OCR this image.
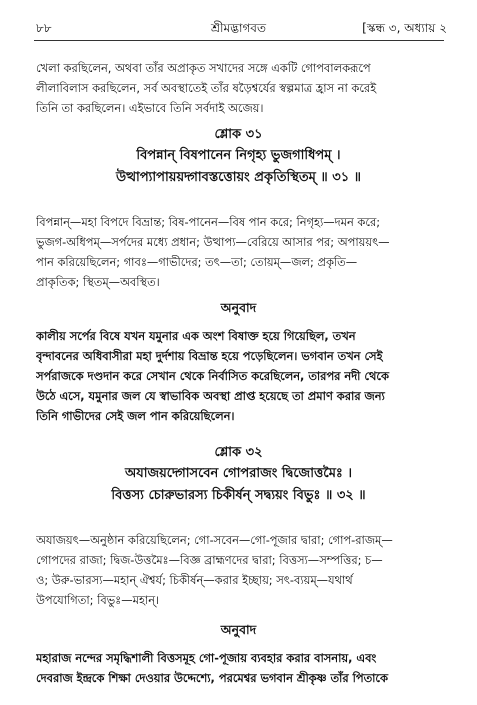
শ্রীমদ্ভাগবত
৮৮	[স্কন্ধ ৩, অধ্যায় ২
খেলা করছিলেন, অথবা তাঁর অপ্রাকৃত সখাদের সঙ্গে একটি গোপবালকরূপে
লীলাবিলাস করছিলেন, সর্ব অবস্থাতেই তাঁর ষড়ৈশ্বর্যের স্বল্পমাত্র হ্রাস না করেই
তিনি তা করছিলেন। এইভাবে তিনি সর্বদাই অজেয়।
শ্লোক ৩১
বিপন্নান্ বিষপানেন নিগৃহ্য ভুজগাধিপম্ ।
উত্থাপ্যাপায়য়দ্গাবস্তত্তোয়ং প্রকৃতিস্থিতম্ ॥ ৩১ ॥
বিপন্নান্—মহা বিপদে বিভ্রান্ত; বিষ-পানেন—বিষ পান করে; নিগৃহ্য—দমন করে;
ভুজগ-অধিপম্—সর্পদের মধ্যে প্রধান; উত্থাপ্য—বেরিয়ে আসার পর; অপায়য়ৎ—
পান করিয়েছিলেন; গাবঃ—গাভীদের; তৎ—তা; তোয়ম্—জল; প্রকৃতি—
প্রাকৃতিক; স্থিতম্—অবস্থিত।
অনুবাদ
কালীয় সর্পের বিষে যখন যমুনার এক অংশ বিষাক্ত হয়ে গিয়েছিল, তখন
বৃন্দাবনের অধিবাসীরা মহা দুর্দশায় বিভ্রান্ত হয়ে পড়েছিলেন। ভগবান তখন সেই
সর্পরাজকে দণ্ডদান করে সেখান থেকে নির্বাসিত করেছিলেন, তারপর নদী থেকে
উঠে এসে, যমুনার জল যে স্বাভাবিক অবস্থা প্রাপ্ত হয়েছে তা প্রমাণ করার জন্য
তিনি গাভীদের সেই জল পান করিয়েছিলেন।
শ্লোক ৩২
অযাজয়দ্গোসবেন গোপরাজং দ্বিজোত্তমৈঃ ।
বিত্তস্য চোরুভারস্য চিকীর্ষন্ সদ্ব্যয়ং বিভুঃ ॥ ৩২ ॥
অযাজয়ৎ—অনুষ্ঠান করিয়েছিলেন; গো-সবেন—গো-পূজার দ্বারা; গোপ-রাজম্—
গোপদের রাজা; দ্বিজ-উত্তমৈঃ—বিজ্ঞ ব্রাহ্মণদের দ্বারা; বিত্তস্য—সম্পত্তির; চ—
ও; উরু-ভারস্য—মহান্ ঐশ্বর্য; চিকীর্ষন্—করার ইচ্ছায়; সৎ-ব্যয়ম্—যথার্থ
উপযোগিতা; বিভুঃ—মহান্।
অনুবাদ
মহারাজ নন্দের সমৃদ্ধিশালী বিত্তসমূহ গো-পূজায় ব্যবহার করার বাসনায়, এবং
দেবরাজ ইন্দ্রকে শিক্ষা দেওয়ার উদ্দেশ্যে, পরমেশ্বর ভগবান শ্রীকৃষ্ণ তাঁর পিতাকে
